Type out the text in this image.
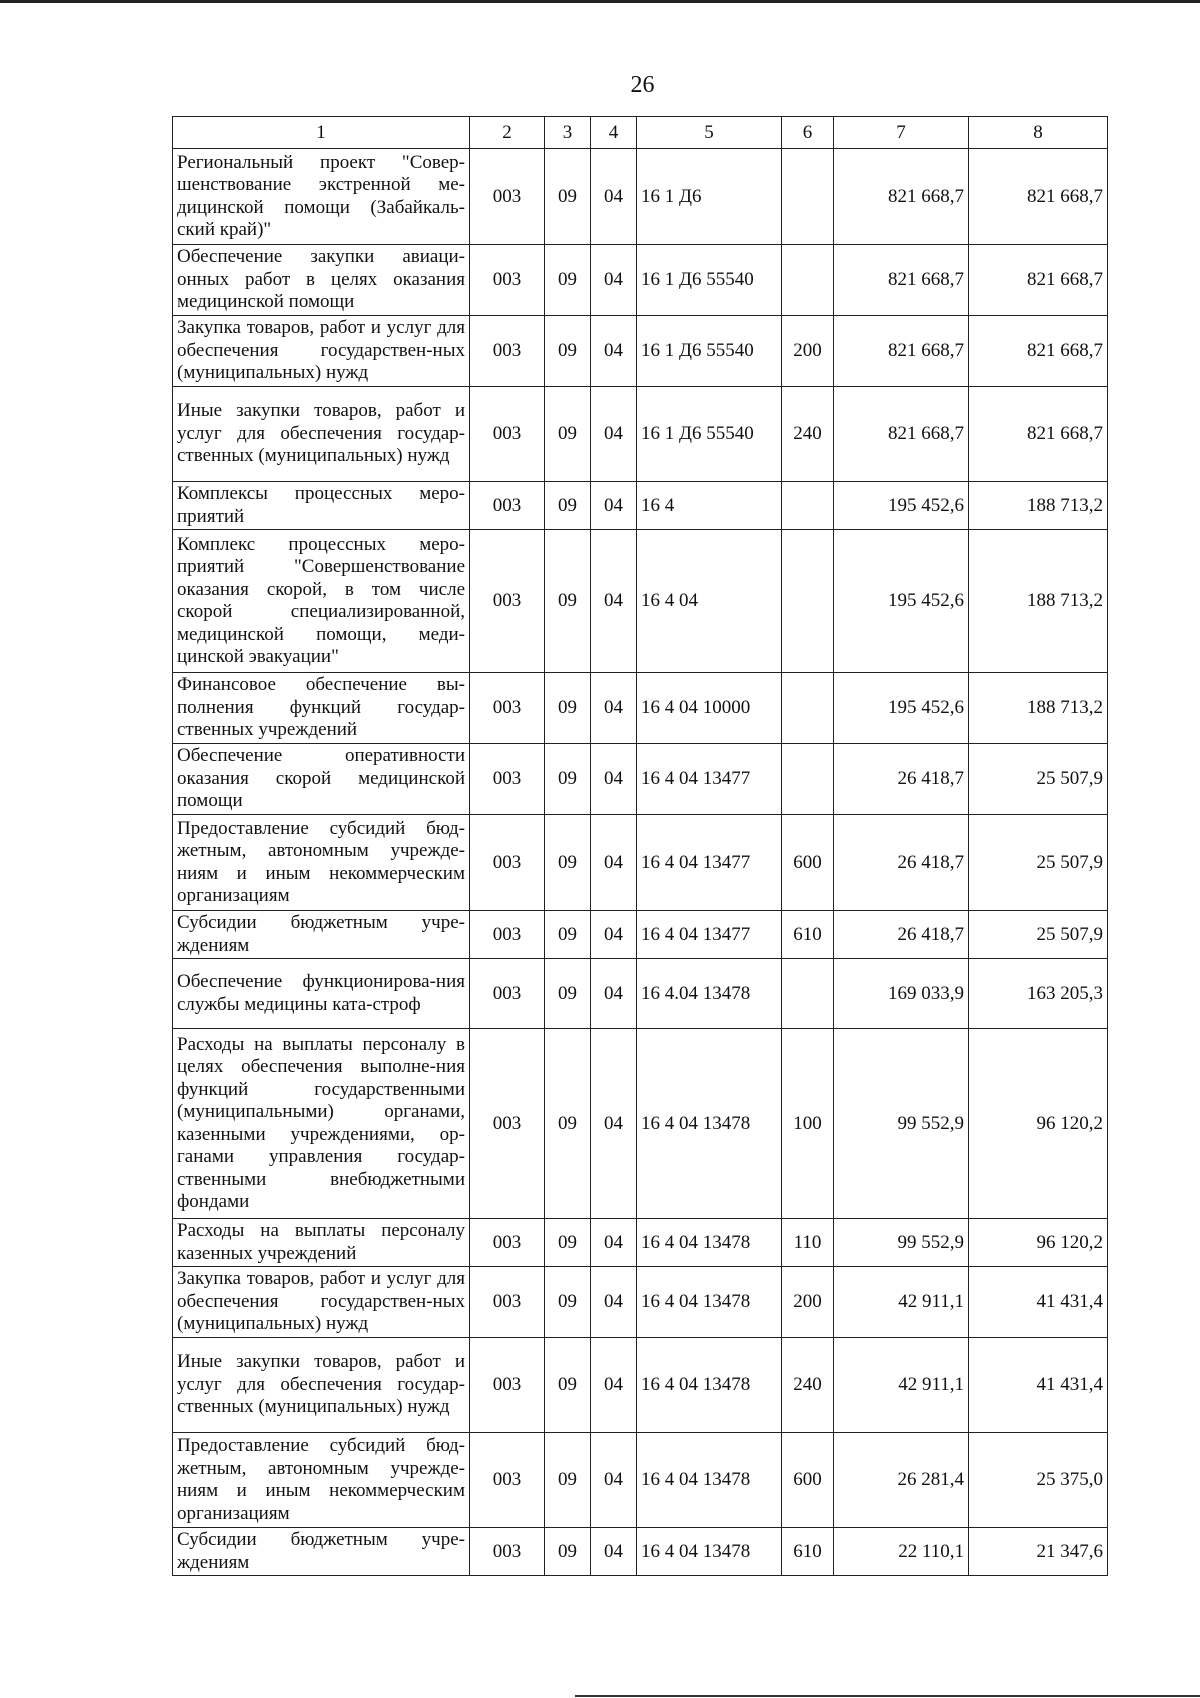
26
1	2	3	4	5	6	7	8
Региональный проект "Совер-шенствование экстренной ме-дицинской помощи (Забайкаль-ский край)"	003	09	04	16 1 Д6		821 668,7	821 668,7
Обеспечение закупки авиаци-онных работ в целях оказания медицинской помощи	003	09	04	16 1 Д6 55540		821 668,7	821 668,7
Закупка товаров, работ и услуг для обеспечения государствен-ных (муниципальных) нужд	003	09	04	16 1 Д6 55540	200	821 668,7	821 668,7
Иные закупки товаров, работ и услуг для обеспечения государ-ственных (муниципальных) нужд	003	09	04	16 1 Д6 55540	240	821 668,7	821 668,7
Комплексы процессных меро-приятий	003	09	04	16 4		195 452,6	188 713,2
Комплекс процессных меро-приятий "Совершенствование оказания скорой, в том числе скорой специализированной, медицинской помощи, меди-цинской эвакуации"	003	09	04	16 4 04		195 452,6	188 713,2
Финансовое обеспечение вы-полнения функций государ-ственных учреждений	003	09	04	16 4 04 10000		195 452,6	188 713,2
Обеспечение оперативности оказания скорой медицинской помощи	003	09	04	16 4 04 13477		26 418,7	25 507,9
Предоставление субсидий бюд-жетным, автономным учрежде-ниям и иным некоммерческим организациям	003	09	04	16 4 04 13477	600	26 418,7	25 507,9
Субсидии бюджетным учре-ждениям	003	09	04	16 4 04 13477	610	26 418,7	25 507,9
Обеспечение функционирова-ния службы медицины ката-строф	003	09	04	16 4.04 13478		169 033,9	163 205,3
Расходы на выплаты персоналу в целях обеспечения выполне-ния функций государственными (муниципальными) органами, казенными учреждениями, ор-ганами управления государ-ственными внебюджетными фондами	003	09	04	16 4 04 13478	100	99 552,9	96 120,2
Расходы на выплаты персоналу казенных учреждений	003	09	04	16 4 04 13478	110	99 552,9	96 120,2
Закупка товаров, работ и услуг для обеспечения государствен-ных (муниципальных) нужд	003	09	04	16 4 04 13478	200	42 911,1	41 431,4
Иные закупки товаров, работ и услуг для обеспечения государ-ственных (муниципальных) нужд	003	09	04	16 4 04 13478	240	42 911,1	41 431,4
Предоставление субсидий бюд-жетным, автономным учрежде-ниям и иным некоммерческим организациям	003	09	04	16 4 04 13478	600	26 281,4	25 375,0
Субсидии бюджетным учре-ждениям	003	09	04	16 4 04 13478	610	22 110,1	21 347,6
